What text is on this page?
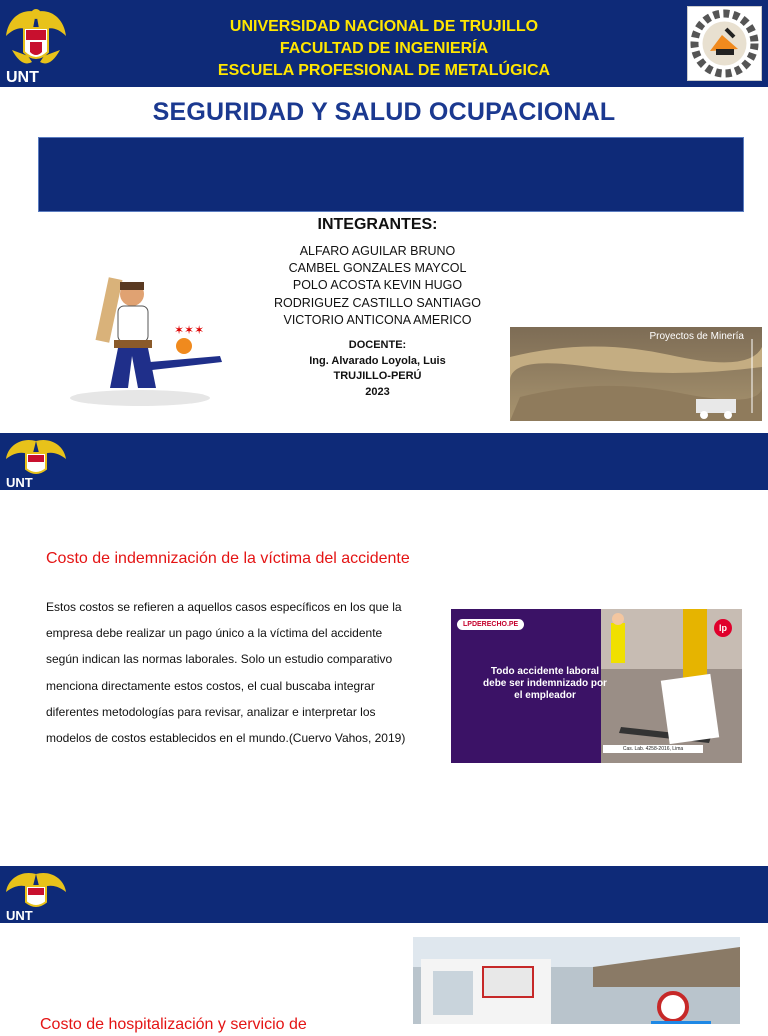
UNT
UNIVERSIDAD NACIONAL DE TRUJILLO
FACULTAD DE INGENIERÍA
ESCUELA PROFESIONAL DE METALÚGICA
SEGURIDAD Y SALUD OCUPACIONAL
INTEGRANTES:
ALFARO AGUILAR BRUNO
CAMBEL GONZALES MAYCOL
POLO ACOSTA KEVIN HUGO
RODRIGUEZ CASTILLO SANTIAGO
VICTORIO ANTICONA AMERICO
DOCENTE:
Ing. Alvarado Loyola, Luis
TRUJILLO-PERÚ
2023
✶✶✶	Proyectos de Minería
UNT
Costo de indemnización de la víctima del accidente
Estos costos se refieren a aquellos casos específicos en los que la empresa debe realizar un pago único a la víctima del accidente según indican las normas laborales. Solo un estudio comparativo menciona directamente estos costos, el cual buscaba integrar diferentes metodologías para revisar, analizar e interpretar los modelos de costos establecidos en el mundo.(Cuervo Vahos, 2019)
LPDERECHO.PE
Todo accidente laboral debe ser indemnizado por el empleador
lp
Cas. Lab. 4258-2016, Lima
UNT
Costo de hospitalización y servicio de
